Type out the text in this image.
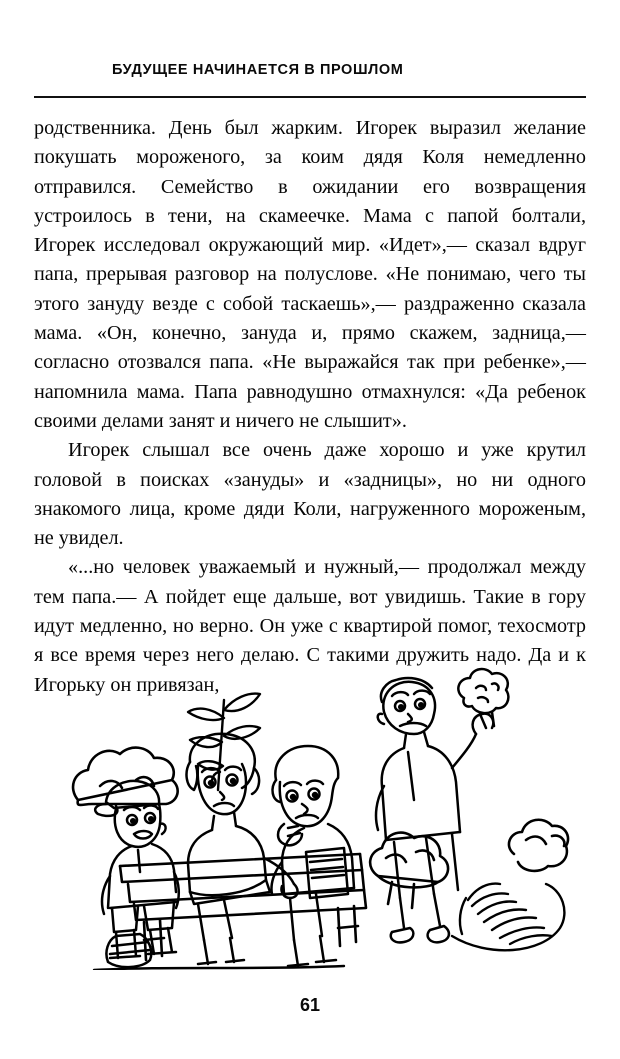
БУДУЩЕЕ НАЧИНАЕТСЯ В ПРОШЛОМ

родственника. День был жарким. Игорек выразил желание покушать мороженого, за коим дядя Коля немедленно отправился. Семейство в ожидании его возвращения устроилось в тени, на скамеечке. Мама с папой болтали, Игорек исследовал окружающий мир. «Идет»,— сказал вдруг папа, прерывая разговор на полуслове. «Не понимаю, чего ты этого зануду везде с собой таскаешь»,— раздраженно сказала мама. «Он, конечно, зануда и, прямо скажем, задница,— согласно отозвался папа. «Не выражайся так при ребенке»,— напомнила мама. Папа равнодушно отмахнулся: «Да ребенок своими делами занят и ничего не слышит».

Игорек слышал все очень даже хорошо и уже крутил головой в поисках «зануды» и «задницы», но ни одного знакомого лица, кроме дяди Коли, нагруженного мороженым, не увидел.

«...но человек уважаемый и нужный,— продолжал между тем папа.— А пойдет еще дальше, вот увидишь. Такие в гору идут медленно, но верно. Он уже с квартирой помог, техосмотр я все время через него делаю. С такими дружить надо. Да и к Игорьку он привязан,

61
